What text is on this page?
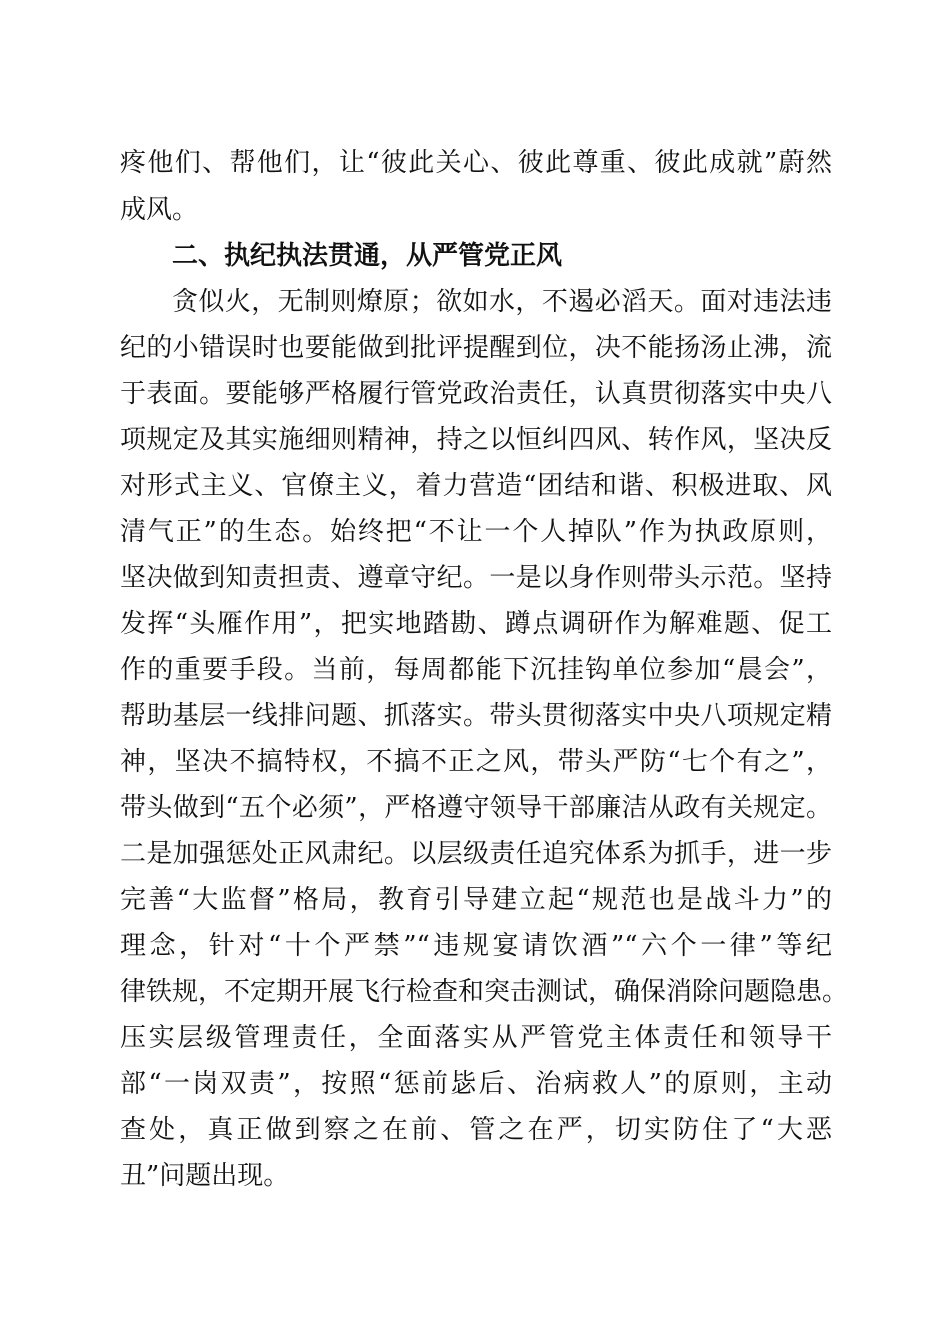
疼他们、帮他们，让“彼此关心、彼此尊重、彼此成就”蔚然
成风。
二、执纪执法贯通，从严管党正风
贪似火，无制则燎原；欲如水，不遏必滔天。面对违法违
纪的小错误时也要能做到批评提醒到位，决不能扬汤止沸，流
于表面。要能够严格履行管党政治责任，认真贯彻落实中央八
项规定及其实施细则精神，持之以恒纠四风、转作风，坚决反
对形式主义、官僚主义，着力营造“团结和谐、积极进取、风
清气正”的生态。始终把“不让一个人掉队”作为执政原则，
坚决做到知责担责、遵章守纪。一是以身作则带头示范。坚持
发挥“头雁作用”，把实地踏勘、蹲点调研作为解难题、促工
作的重要手段。当前，每周都能下沉挂钩单位参加“晨会”，
帮助基层一线排问题、抓落实。带头贯彻落实中央八项规定精
神，坚决不搞特权，不搞不正之风，带头严防“七个有之”，
带头做到“五个必须”，严格遵守领导干部廉洁从政有关规定。
二是加强惩处正风肃纪。以层级责任追究体系为抓手，进一步
完善“大监督”格局，教育引导建立起“规范也是战斗力”的
理念，针对“十个严禁”“违规宴请饮酒”“六个一律”等纪
律铁规，不定期开展飞行检查和突击测试，确保消除问题隐患。
压实层级管理责任，全面落实从严管党主体责任和领导干
部“一岗双责”，按照“惩前毖后、治病救人”的原则，主动
查处，真正做到察之在前、管之在严，切实防住了“大恶
丑”问题出现。
